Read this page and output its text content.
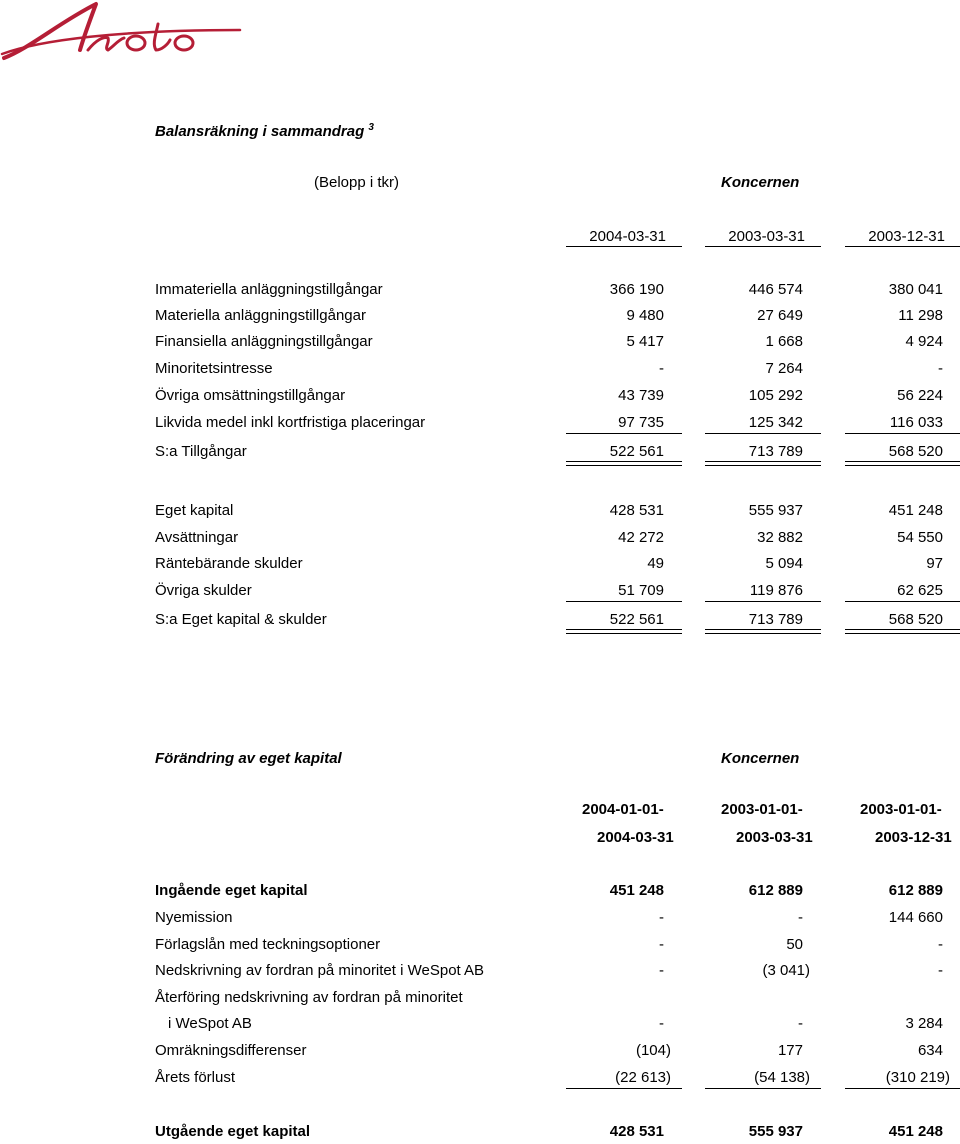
Balansräkning i sammandrag $^3$
(Belopp i tkr)	Koncernen
2004-03-31	2003-03-31	2003-12-31
Immateriella anläggningstillgångar	366 190	446 574	380 041
Materiella anläggningstillgångar	9 480	27 649	11 298
Finansiella anläggningstillgångar	5 417	1 668	4 924
Minoritetsintresse	-	7 264	-
Övriga omsättningstillgångar	43 739	105 292	56 224
Likvida medel inkl kortfristiga placeringar	97 735	125 342	116 033
S:a Tillgångar	522 561	713 789	568 520
Eget kapital	428 531	555 937	451 248
Avsättningar	42 272	32 882	54 550
Räntebärande skulder	49	5 094	97
Övriga skulder	51 709	119 876	62 625
S:a Eget kapital & skulder	522 561	713 789	568 520
Förändring av eget kapital	Koncernen
2004-01-01-	2003-01-01-	2003-01-01-
2004-03-31	2003-03-31	2003-12-31
Ingående eget kapital	451 248	612 889	612 889
Nyemission	-	-	144 660
Förlagslån med teckningsoptioner	-	50	-
Nedskrivning av fordran på minoritet i WeSpot AB	-	(3 041)	-
Återföring nedskrivning av fordran på minoritet
i WeSpot AB	-	-	3 284
Omräkningsdifferenser	(104)	177	634
Årets förlust	(22 613)	(54 138)	(310 219)
Utgående eget kapital	428 531	555 937	451 248
